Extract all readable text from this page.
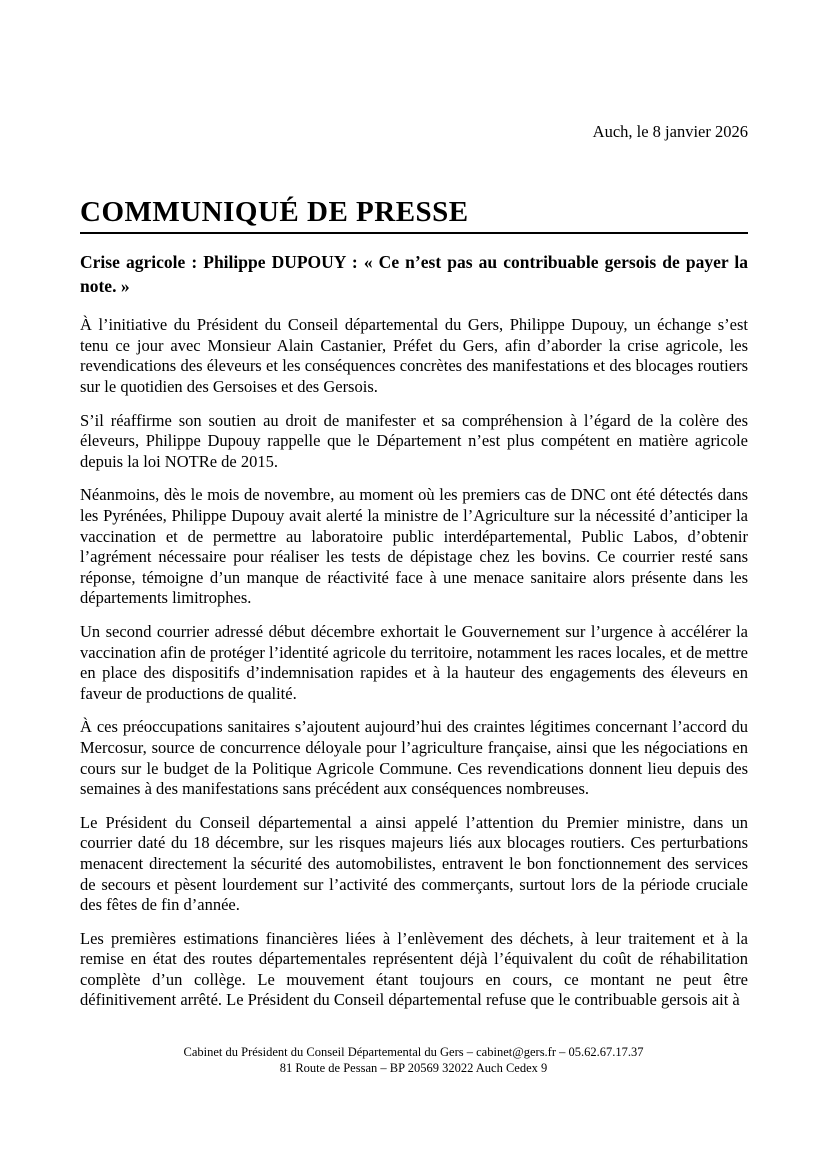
Auch, le 8 janvier 2026
COMMUNIQUÉ DE PRESSE
Crise agricole : Philippe DUPOUY : « Ce n’est pas au contribuable gersois de payer la note. »

À l’initiative du Président du Conseil départemental du Gers, Philippe Dupouy, un échange s’est tenu ce jour avec Monsieur Alain Castanier, Préfet du Gers, afin d’aborder la crise agricole, les revendications des éleveurs et les conséquences concrètes des manifestations et des blocages routiers sur le quotidien des Gersoises et des Gersois.

S’il réaffirme son soutien au droit de manifester et sa compréhension à l’égard de la colère des éleveurs, Philippe Dupouy rappelle que le Département n’est plus compétent en matière agricole depuis la loi NOTRe de 2015.

Néanmoins, dès le mois de novembre, au moment où les premiers cas de DNC ont été détectés dans les Pyrénées, Philippe Dupouy avait alerté la ministre de l’Agriculture sur la nécessité d’anticiper la vaccination et de permettre au laboratoire public interdépartemental, Public Labos, d’obtenir l’agrément nécessaire pour réaliser les tests de dépistage chez les bovins. Ce courrier resté sans réponse, témoigne d’un manque de réactivité face à une menace sanitaire alors présente dans les départements limitrophes.

Un second courrier adressé début décembre exhortait le Gouvernement sur l’urgence à accélérer la vaccination afin de protéger l’identité agricole du territoire, notamment les races locales, et de mettre en place des dispositifs d’indemnisation rapides et à la hauteur des engagements des éleveurs en faveur de productions de qualité.

À ces préoccupations sanitaires s’ajoutent aujourd’hui des craintes légitimes concernant l’accord du Mercosur, source de concurrence déloyale pour l’agriculture française, ainsi que les négociations en cours sur le budget de la Politique Agricole Commune. Ces revendications donnent lieu depuis des semaines à des manifestations sans précédent aux conséquences nombreuses.

Le Président du Conseil départemental a ainsi appelé l’attention du Premier ministre, dans un courrier daté du 18 décembre, sur les risques majeurs liés aux blocages routiers. Ces perturbations menacent directement la sécurité des automobilistes, entravent le bon fonctionnement des services de secours et pèsent lourdement sur l’activité des commerçants, surtout lors de la période cruciale des fêtes de fin d’année.

Les premières estimations financières liées à l’enlèvement des déchets, à leur traitement et à la remise en état des routes départementales représentent déjà l’équivalent du coût de réhabilitation complète d’un collège. Le mouvement étant toujours en cours, ce montant ne peut être définitivement arrêté. Le Président du Conseil départemental refuse que le contribuable gersois ait à

Cabinet du Président du Conseil Départemental du Gers – cabinet@gers.fr – 05.62.67.17.37
81 Route de Pessan – BP 20569 32022 Auch Cedex 9
